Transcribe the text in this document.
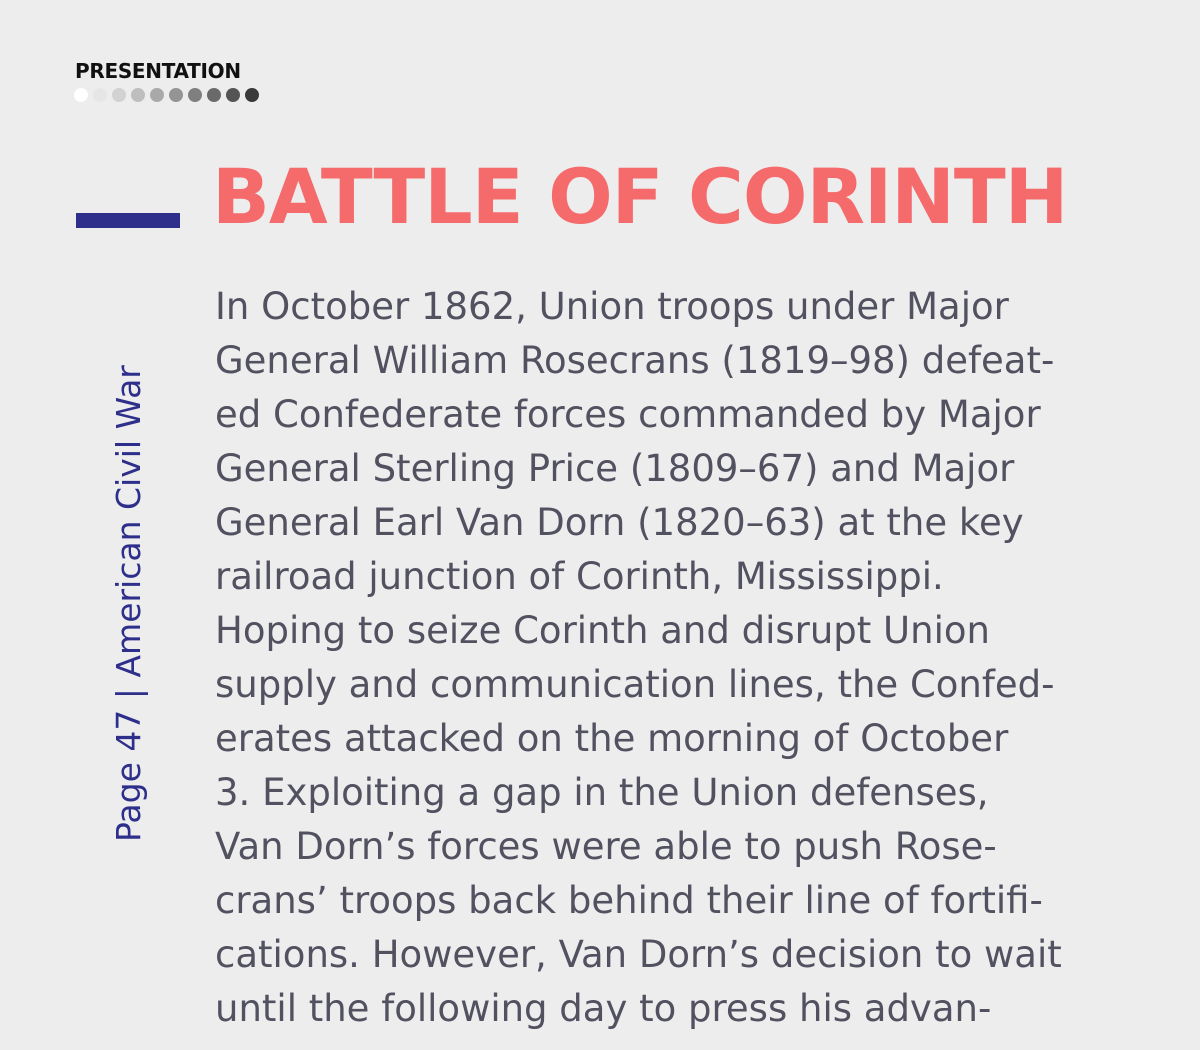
PRESENTATION
BATTLE OF CORINTH
Page 47 | American Civil War
In October 1862, Union troops under Major
General William Rosecrans (1819–98) defeat-
ed Confederate forces commanded by Major
General Sterling Price (1809–67) and Major
General Earl Van Dorn (1820–63) at the key
railroad junction of Corinth, Mississippi.
Hoping to seize Corinth and disrupt Union
supply and communication lines, the Confed-
erates attacked on the morning of October
3. Exploiting a gap in the Union defenses,
Van Dorn’s forces were able to push Rose-
crans’ troops back behind their line of fortifi-
cations. However, Van Dorn’s decision to wait
until the following day to press his advan-
